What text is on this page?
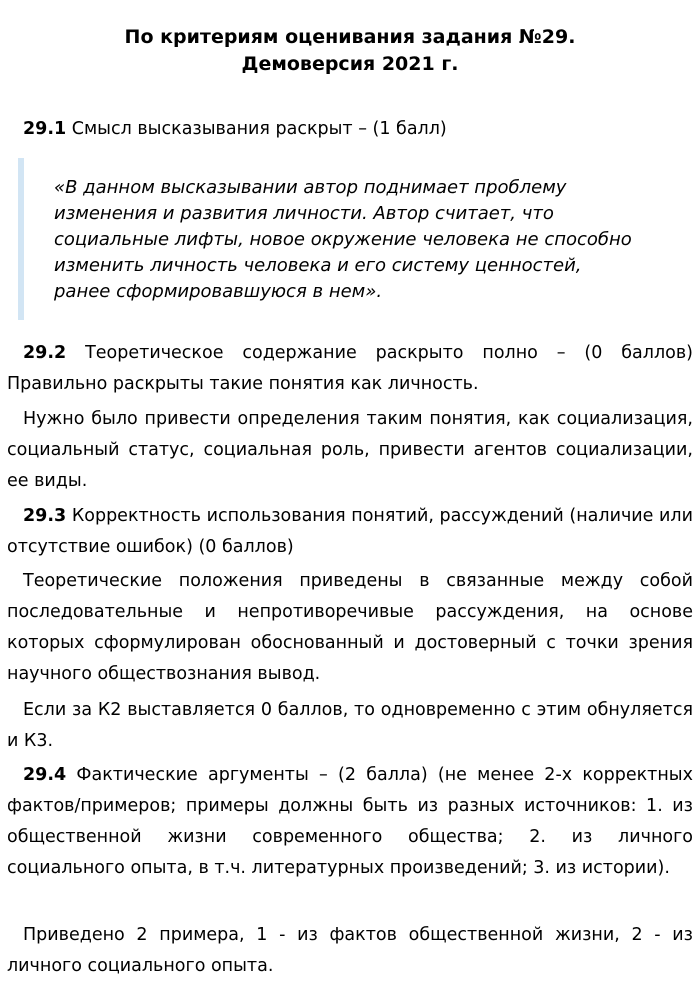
По критериям оценивания задания №29.
Демоверсия 2021 г.
29.1 Смысл высказывания раскрыт – (1 балл)
«В данном высказывании автор поднимает проблему изменения и развития личности. Автор считает, что социальные лифты, новое окружение человека не способно изменить личность человека и его систему ценностей, ранее сформировавшуюся в нем».
29.2 Теоретическое содержание раскрыто полно – (0 баллов) Правильно раскрыты такие понятия как личность.
Нужно было привести определения таким понятия, как социализация, социальный статус, социальная роль, привести агентов социализации, ее виды.
29.3 Корректность использования понятий, рассуждений (наличие или отсутствие ошибок) (0 баллов)
Теоретические положения приведены в связанные между собой последовательные и непротиворечивые рассуждения, на основе которых сформулирован обоснованный и достоверный с точки зрения научного обществознания вывод.
Если за К2 выставляется 0 баллов, то одновременно с этим обнуляется и К3.
29.4 Фактические аргументы – (2 балла) (не менее 2-х корректных фактов/примеров; примеры должны быть из разных источников: 1. из общественной жизни современного общества; 2. из личного социального опыта, в т.ч. литературных произведений; 3. из истории).
Приведено 2 примера, 1 - из фактов общественной жизни, 2 - из личного социального опыта.
